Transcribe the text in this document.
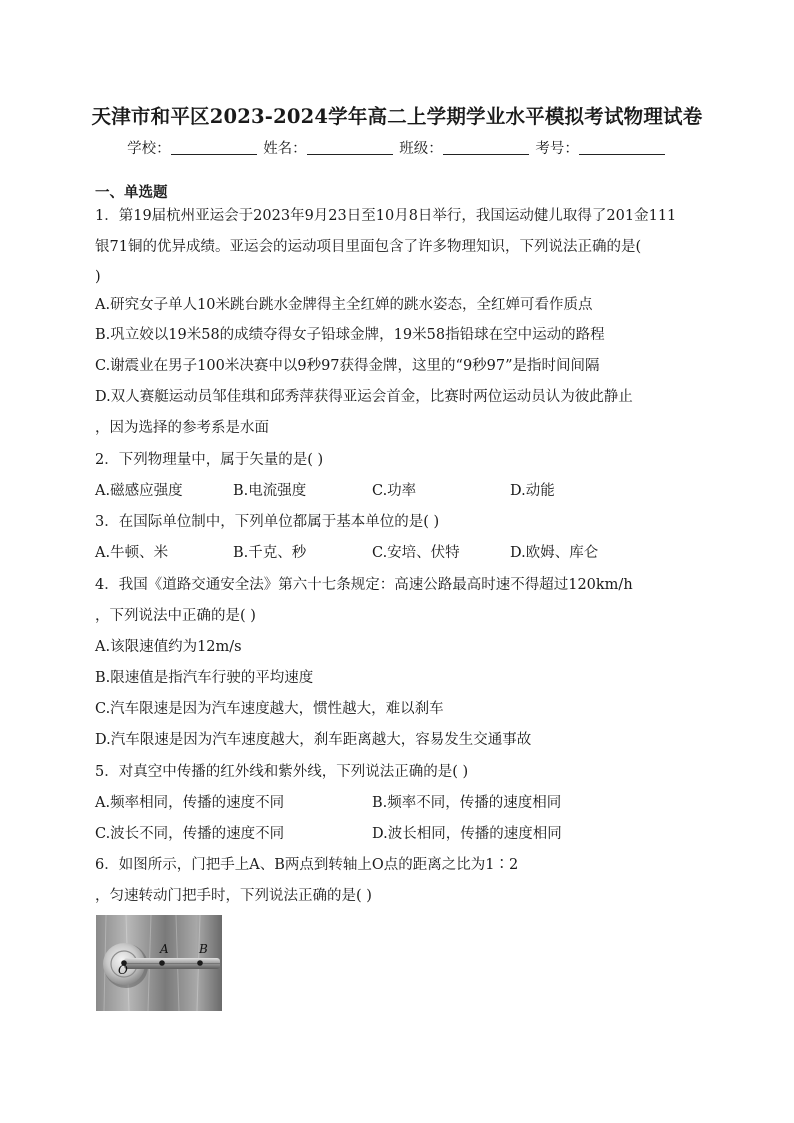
天津市和平区2023-2024学年高二上学期学业水平模拟考试物理试卷
学校：	姓名：	班级：	考号：
一、单选题
1．第19届杭州亚运会于2023年9月23日至10月8日举行，我国运动健儿取得了201金111
银71铜的优异成绩。亚运会的运动项目里面包含了许多物理知识，下列说法正确的是(
)
A.研究女子单人10米跳台跳水金牌得主全红婵的跳水姿态，全红婵可看作质点
B.巩立姣以19米58的成绩夺得女子铅球金牌，19米58指铅球在空中运动的路程
C.谢震业在男子100米决赛中以9秒97获得金牌，这里的“9秒97”是指时间间隔
D.双人赛艇运动员邹佳琪和邱秀萍获得亚运会首金，比赛时两位运动员认为彼此静止
，因为选择的参考系是水面
2．下列物理量中，属于矢量的是( )
A.磁感应强度	B.电流强度	C.功率	D.动能
3．在国际单位制中，下列单位都属于基本单位的是( )
A.牛顿、米	B.千克、秒	C.安培、伏特	D.欧姆、库仑
4．我国《道路交通安全法》第六十七条规定：高速公路最高时速不得超过120km/h
，下列说法中正确的是( )
A.该限速值约为12m/s
B.限速值是指汽车行驶的平均速度
C.汽车限速是因为汽车速度越大，惯性越大，难以刹车
D.汽车限速是因为汽车速度越大，刹车距离越大，容易发生交通事故
5．对真空中传播的红外线和紫外线，下列说法正确的是( )
A.频率相同，传播的速度不同	B.频率不同，传播的速度相同
C.波长不同，传播的速度不同	D.波长相同，传播的速度相同
6．如图所示，门把手上A、B两点到转轴上O点的距离之比为1∶2
，匀速转动门把手时，下列说法正确的是( )
A	B
O
